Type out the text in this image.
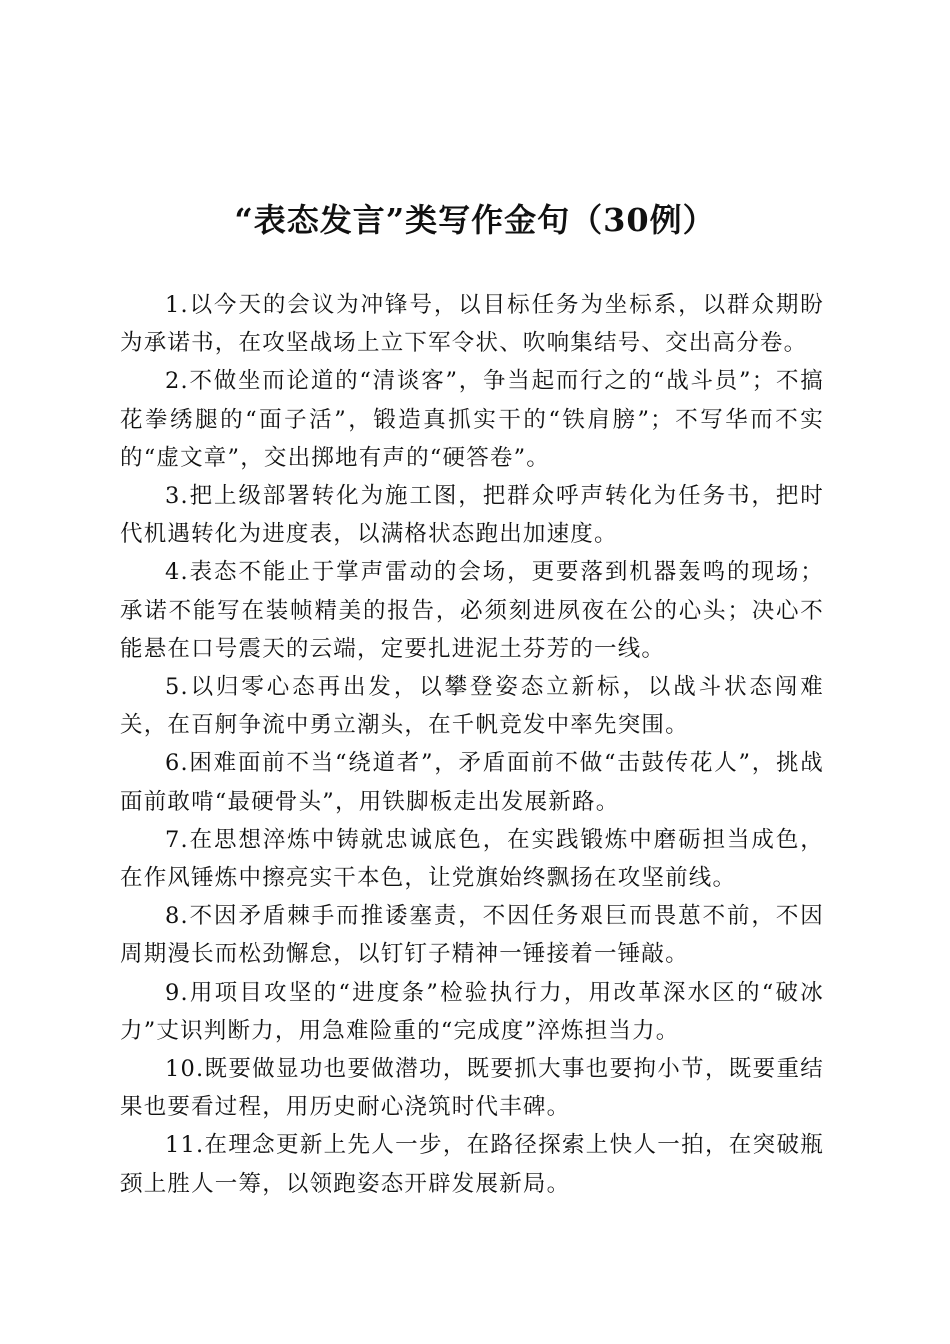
“表态发言”类写作金句（30例）

1.以今天的会议为冲锋号，以目标任务为坐标系，以群众期盼为承诺书，在攻坚战场上立下军令状、吹响集结号、交出高分卷。

2.不做坐而论道的“清谈客”，争当起而行之的“战斗员”；不搞花拳绣腿的“面子活”，锻造真抓实干的“铁肩膀”；不写华而不实的“虚文章”，交出掷地有声的“硬答卷”。

3.把上级部署转化为施工图，把群众呼声转化为任务书，把时代机遇转化为进度表，以满格状态跑出加速度。

4.表态不能止于掌声雷动的会场，更要落到机器轰鸣的现场；承诺不能写在装帧精美的报告，必须刻进夙夜在公的心头；决心不能悬在口号震天的云端，定要扎进泥土芬芳的一线。

5.以归零心态再出发，以攀登姿态立新标，以战斗状态闯难关，在百舸争流中勇立潮头，在千帆竞发中率先突围。

6.困难面前不当“绕道者”，矛盾面前不做“击鼓传花人”，挑战面前敢啃“最硬骨头”，用铁脚板走出发展新路。

7.在思想淬炼中铸就忠诚底色，在实践锻炼中磨砺担当成色，在作风锤炼中擦亮实干本色，让党旗始终飘扬在攻坚前线。

8.不因矛盾棘手而推诿塞责，不因任务艰巨而畏葸不前，不因周期漫长而松劲懈怠，以钉钉子精神一锤接着一锤敲。

9.用项目攻坚的“进度条”检验执行力，用改革深水区的“破冰力”丈识判断力，用急难险重的“完成度”淬炼担当力。

10.既要做显功也要做潜功，既要抓大事也要拘小节，既要重结果也要看过程，用历史耐心浇筑时代丰碑。

11.在理念更新上先人一步，在路径探索上快人一拍，在突破瓶颈上胜人一筹，以领跑姿态开辟发展新局。
